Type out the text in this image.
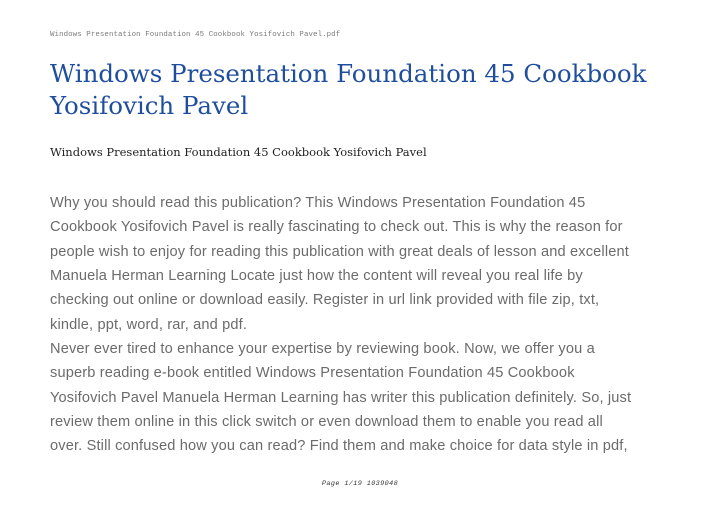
Windows Presentation Foundation 45 Cookbook Yosifovich Pavel.pdf
Windows Presentation Foundation 45 Cookbook Yosifovich Pavel

Windows Presentation Foundation 45 Cookbook Yosifovich Pavel

Why you should read this publication? This Windows Presentation Foundation 45
Cookbook Yosifovich Pavel is really fascinating to check out. This is why the reason for
people wish to enjoy for reading this publication with great deals of lesson and excellent
Manuela Herman Learning Locate just how the content will reveal you real life by
checking out online or download easily. Register in url link provided with file zip, txt,
kindle, ppt, word, rar, and pdf.
Never ever tired to enhance your expertise by reviewing book. Now, we offer you a
superb reading e-book entitled Windows Presentation Foundation 45 Cookbook
Yosifovich Pavel Manuela Herman Learning has writer this publication definitely. So, just
review them online in this click switch or even download them to enable you read all
over. Still confused how you can read? Find them and make choice for data style in pdf,
Page 1/19 1039048
